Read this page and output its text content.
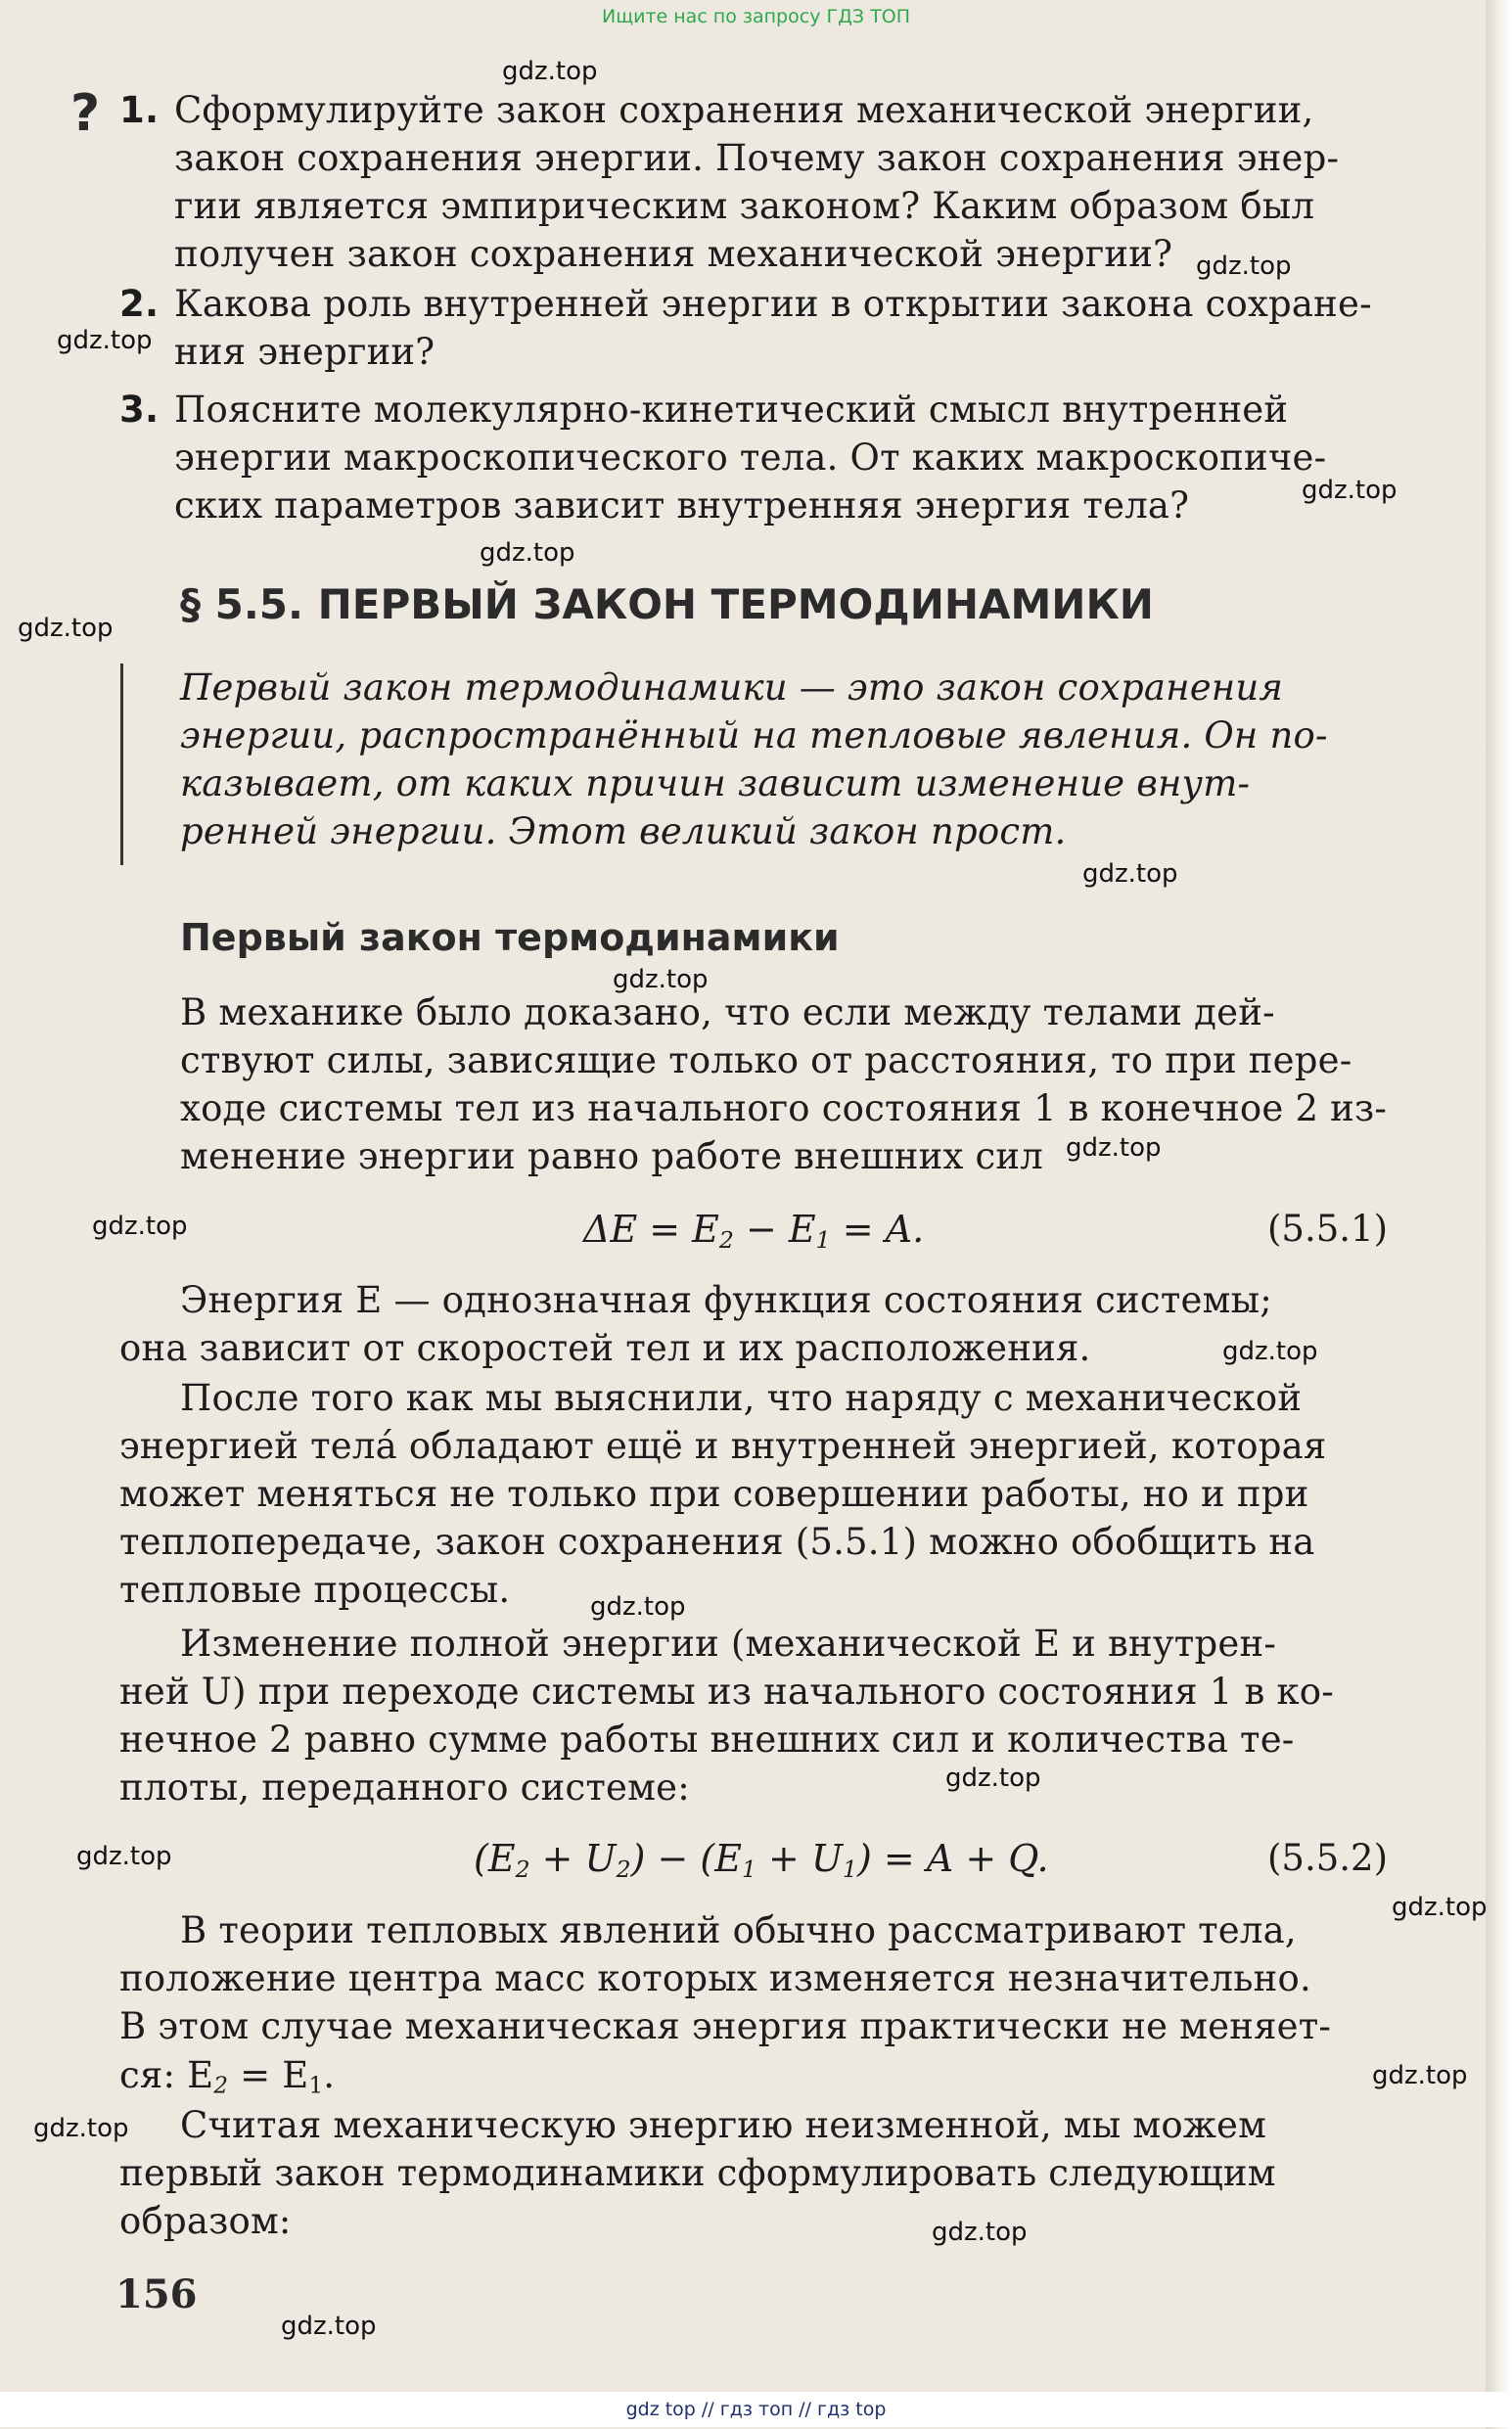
Ищите нас по запросу ГДЗ ТОП
gdz.top
gdz.top
gdz.top
gdz.top
gdz.top
gdz.top
gdz.top
gdz.top
gdz.top
gdz.top
gdz.top
gdz.top
gdz.top
gdz.top
gdz.top
gdz.top
gdz.top
gdz.top
gdz.top
? 1. Сформулируйте закон сохранения механической энергии,
закон сохранения энергии. Почему закон сохранения энер-
гии является эмпирическим законом? Каким образом был
получен закон сохранения механической энергии?
2. Какова роль внутренней энергии в открытии закона сохране-
ния энергии?
3. Поясните молекулярно-кинетический смысл внутренней
энергии макроскопического тела. От каких макроскопиче-
ских параметров зависит внутренняя энергия тела?
§ 5.5. ПЕРВЫЙ ЗАКОН ТЕРМОДИНАМИКИ
Первый закон термодинамики — это закон сохранения
энергии, распространённый на тепловые явления. Он по-
казывает, от каких причин зависит изменение внут-
ренней энергии. Этот великий закон прост.
Первый закон термодинамики
В механике было доказано, что если между телами дей-
ствуют силы, зависящие только от расстояния, то при пере-
ходе системы тел из начального состояния 1 в конечное 2 из-
менение энергии равно работе внешних сил
$\Delta E = E_2 - E_1 = A$.	(5.5.1)
Энергия E — однозначная функция состояния системы;
она зависит от скоростей тел и их расположения.
После того как мы выяснили, что наряду с механической
энергией телá обладают ещё и внутренней энергией, которая
может меняться не только при совершении работы, но и при
теплопередаче, закон сохранения (5.5.1) можно обобщить на
тепловые процессы.
Изменение полной энергии (механической E и внутрен-
ней U) при переходе системы из начального состояния 1 в ко-
нечное 2 равно сумме работы внешних сил и количества те-
плоты, переданного системе:
$(E_2 + U_2) - (E_1 + U_1) = A + Q$.	(5.5.2)
В теории тепловых явлений обычно рассматривают тела,
положение центра масс которых изменяется незначительно.
В этом случае механическая энергия практически не меняет-
ся: $E_2 = E_1$.
Считая механическую энергию неизменной, мы можем
первый закон термодинамики сформулировать следующим
образом:
156
gdz top // гдз топ // гдз top
